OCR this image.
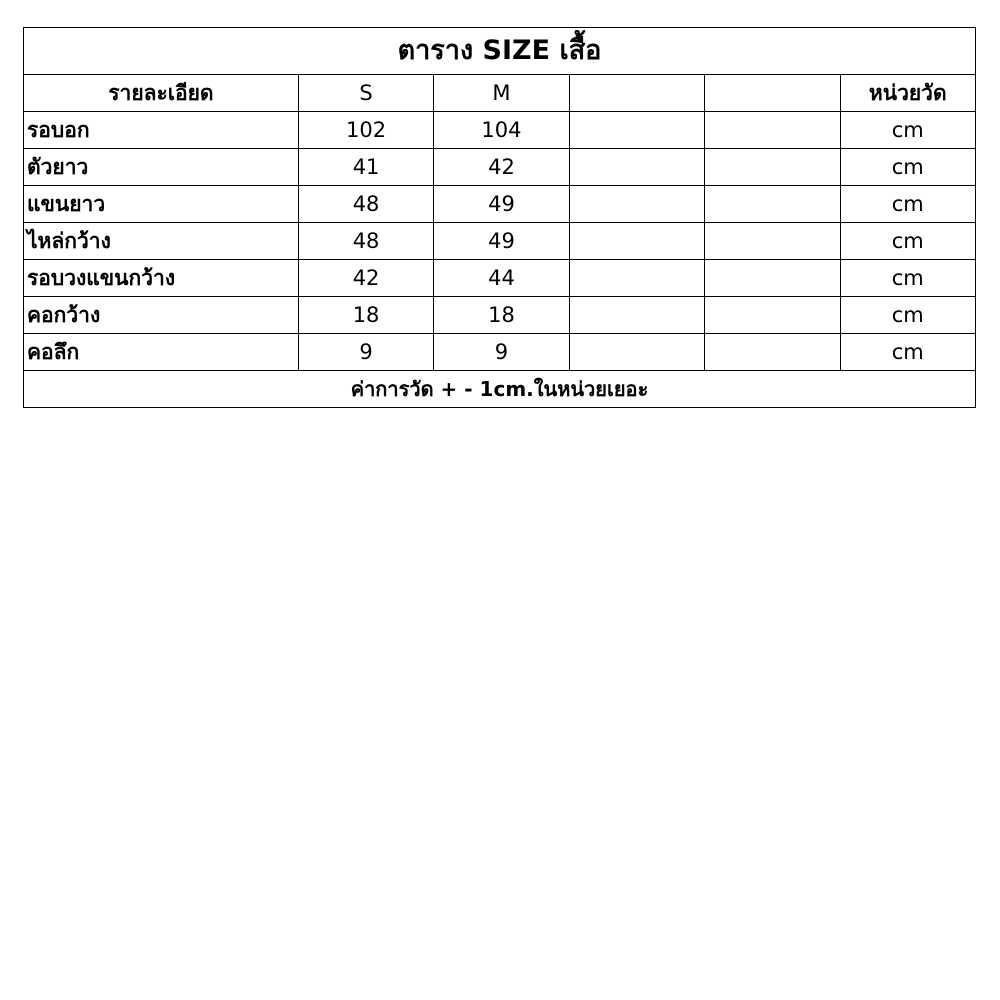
ตาราง SIZE เสื้อ					
รายละเอียด	S	M			หน่วยวัด
รอบอก	102	104			cm
ตัวยาว	41	42			cm
แขนยาว	48	49			cm
ไหล่กว้าง	48	49			cm
รอบวงแขนกว้าง	42	44			cm
คอกว้าง	18	18			cm
คอลึก	9	9			cm
ค่าการวัด + - 1cm.ในหน่วยเยอะ					
